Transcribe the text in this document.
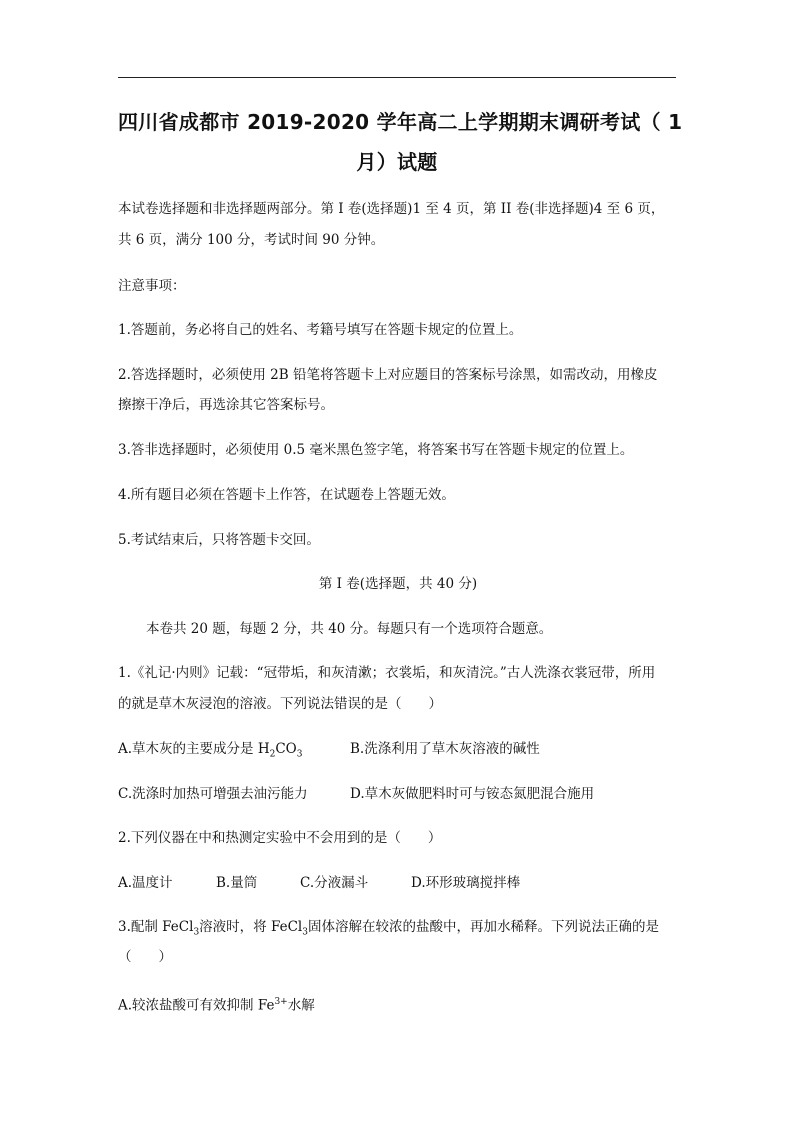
四川省成都市 2019-2020 学年高二上学期期末调研考试（ 1
月）试题
本试卷选择题和非选择题两部分。第 I 卷(选择题)1 至 4 页，第 II 卷(非选择题)4 至 6 页，
共 6 页，满分 100 分，考试时间 90 分钟。
注意事项：
1.答题前，务必将自己的姓名、考籍号填写在答题卡规定的位置上。
2.答选择题时，必须使用 2B 铅笔将答题卡上对应题目的答案标号涂黑，如需改动，用橡皮
擦擦干净后，再选涂其它答案标号。
3.答非选择题时，必须使用 0.5 毫米黑色签字笔，将答案书写在答题卡规定的位置上。
4.所有题目必须在答题卡上作答，在试题卷上答题无效。
5.考试结束后，只将答题卡交回。
第 I 卷(选择题，共 40 分)
本卷共 20 题，每题 2 分，共 40 分。每题只有一个选项符合题意。
1.《礼记·内则》记载：“冠带垢，和灰清漱；衣裳垢，和灰清浣。”古人洗涤衣裳冠带，所用
的就是草木灰浸泡的溶液。下列说法错误的是（　　）
A.草木灰的主要成分是 $H_2CO_3$	B.洗涤利用了草木灰溶液的碱性
C.洗涤时加热可增强去油污能力	D.草木灰做肥料时可与铵态氮肥混合施用
2.下列仪器在中和热测定实验中不会用到的是（　　）
A.温度计	B.量筒	C.分液漏斗	D.环形玻璃搅拌棒
3.配制 FeCl$_3$溶液时，将 FeCl$_3$固体溶解在较浓的盐酸中，再加水稀释。下列说法正确的是
（　　）
A.较浓盐酸可有效抑制 $Fe^{3+}$水解
